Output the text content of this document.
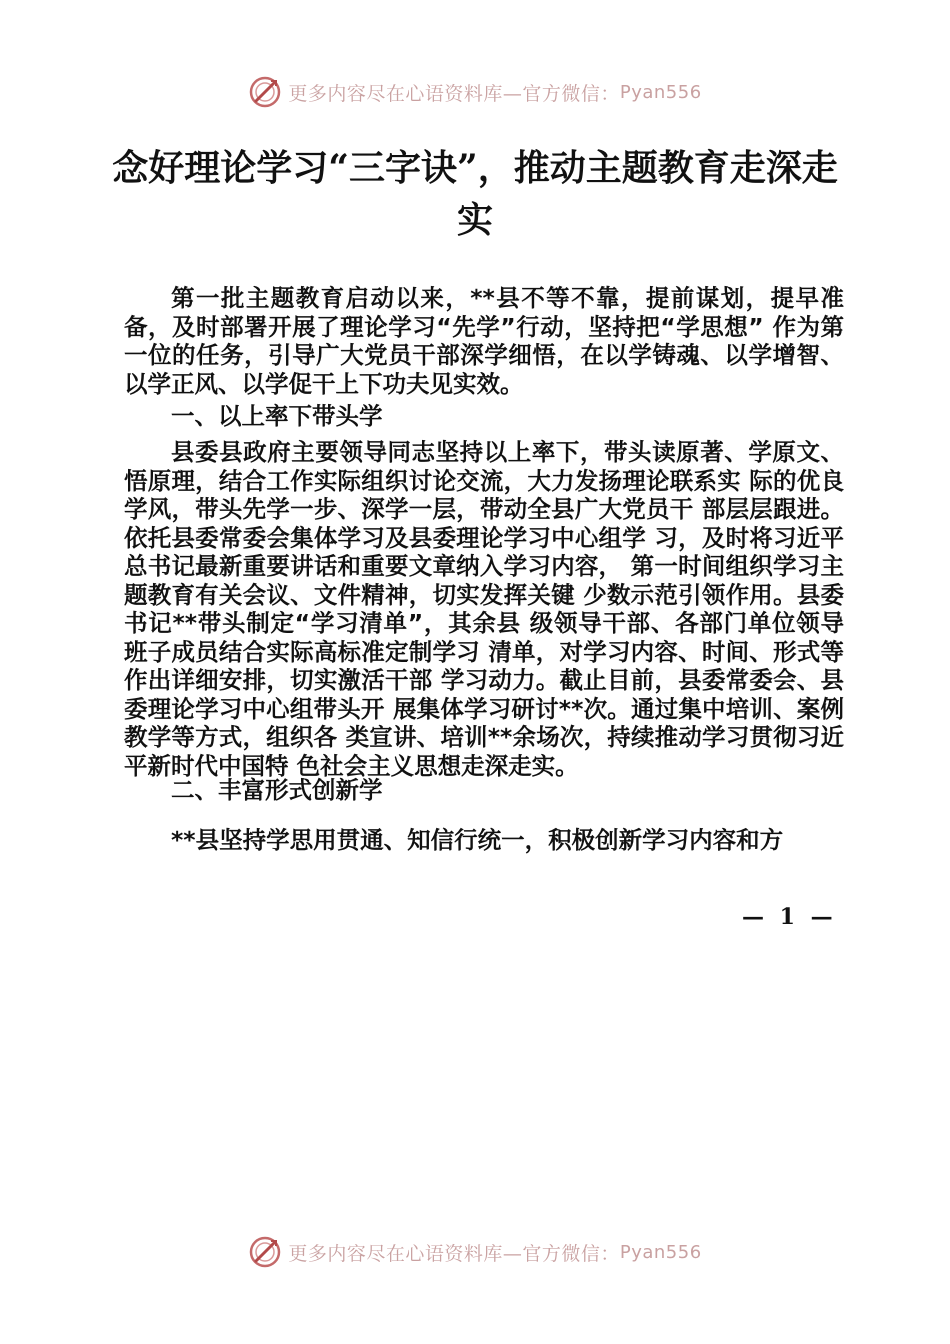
更多内容尽在心语资料库—官方微信： Pyan556
念好理论学习“三字诀”，推动主题教育走深走实

第一批主题教育启动以来，**县不等不靠，提前谋划，提早准备，及时部署开展了理论学习“先学”行动，坚持把“学思想” 作为第一位的任务，引导广大党员干部深学细悟，在以学铸魂、以学增智、以学正风、以学促干上下功夫见实效。

一、以上率下带头学

县委县政府主要领导同志坚持以上率下，带头读原著、学原文、悟原理，结合工作实际组织讨论交流，大力发扬理论联系实 际的优良学风，带头先学一步、深学一层，带动全县广大党员干 部层层跟进。依托县委常委会集体学习及县委理论学习中心组学 习，及时将习近平总书记最新重要讲话和重要文章纳入学习内容， 第一时间组织学习主题教育有关会议、文件精神，切实发挥关键 少数示范引领作用。县委书记**带头制定“学习清单”，其余县 级领导干部、各部门单位领导班子成员结合实际高标准定制学习 清单，对学习内容、时间、形式等作出详细安排，切实激活干部 学习动力。截止目前，县委常委会、县委理论学习中心组带头开 展集体学习研讨**次。通过集中培训、案例教学等方式，组织各 类宣讲、培训**余场次，持续推动学习贯彻习近平新时代中国特 色社会主义思想走深走实。

二、丰富形式创新学

**县坚持学思用贯通、知信行统一，积极创新学习内容和方

— 1 —
更多内容尽在心语资料库—官方微信： Pyan556
